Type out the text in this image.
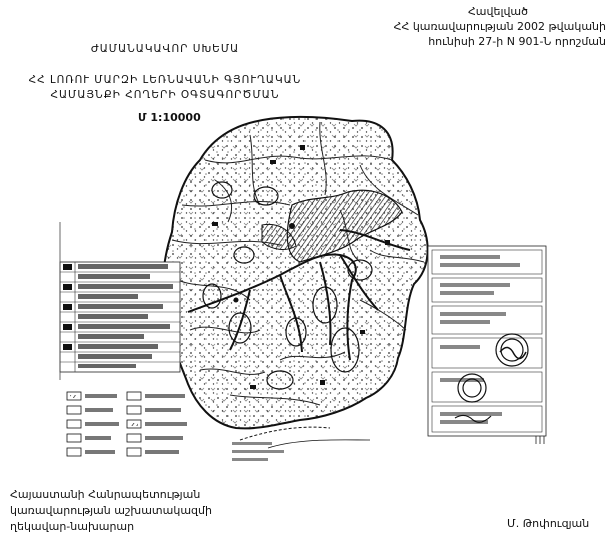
Հավելված
ՀՀ կառավարության 2002 թվականի
հունիսի 27-ի N 901-Ն որոշման
ԺԱՄԱՆԱԿԱՎՈՐ ՍԽԵՄԱ
ՀՀ ԼՈՌՈՒ ՄԱՐԶԻ ԼԵՌՆԱՎԱՆԻ ԳՅՈՒՂԱԿԱՆ
ՀԱՄԱՅՆՔԻ ՀՈՂԵՐԻ ՕԳՏԱԳՈՐԾՄԱՆ
Մ 1:10000
Հայաստանի Հանրապետության
կառավարության աշխատակազմի
ղեկավար-նախարար	Մ. Թոփուզյան
